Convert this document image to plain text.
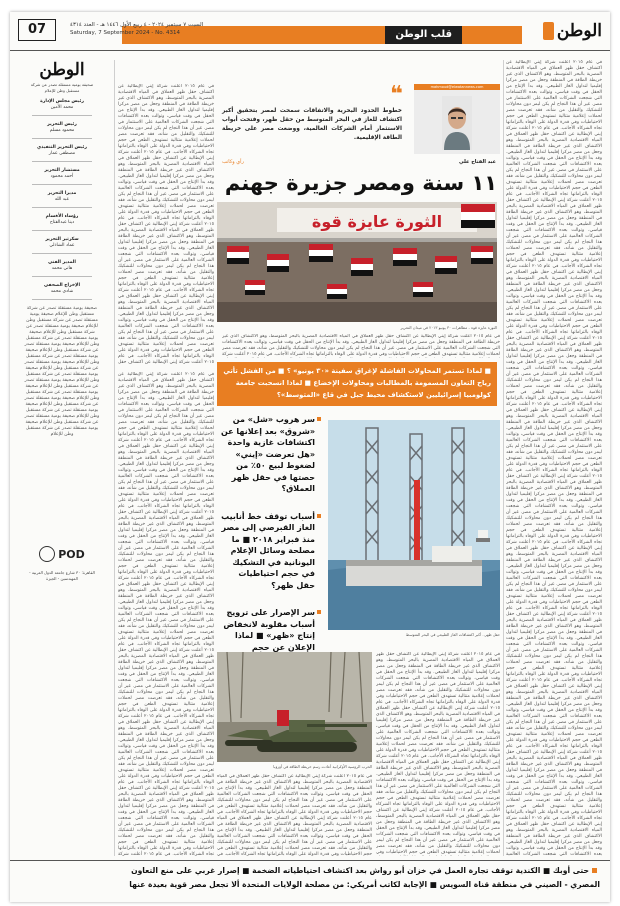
الوطن
قلب الوطن
السبت ٧ سبتمبر ٢٠٢٤ - ٤ ربيع الأول ١٤٤٦ هـ - العدد ٤٣١٤
Saturday, 7 September 2024 - No. 4314
07
في عام ٢٠١٥ أعلنت شركة إيني الإيطالية عن اكتشاف حقل ظهر العملاق في المياه الاقتصادية المصرية بالبحر المتوسط، وهو الاكتشاف الذي غير خريطة الطاقة في المنطقة وجعل من مصر مركزا إقليميا لتداول الغاز الطبيعي. وقد بدأ الإنتاج من الحقل في وقت قياسي، وتوالت بعده الاكتشافات التي شجعت الشركات العالمية على الاستثمار في مصر. غير أن هذا النجاح لم يكن ليمر دون محاولات للتشكيك والتقليل من شأنه، فقد تعرضت مصر لحملات إعلامية متتالية تستهدف الطعن في حجم الاحتياطيات وفي قدرة الدولة على الوفاء بالتزاماتها تجاه الشركاء الأجانب. في عام ٢٠١٥ أعلنت شركة إيني الإيطالية عن اكتشاف حقل ظهر العملاق في المياه الاقتصادية المصرية بالبحر المتوسط، وهو الاكتشاف الذي غير خريطة الطاقة في المنطقة وجعل من مصر مركزا إقليميا لتداول الغاز الطبيعي. وقد بدأ الإنتاج من الحقل في وقت قياسي، وتوالت بعده الاكتشافات التي شجعت الشركات العالمية على الاستثمار في مصر. غير أن هذا النجاح لم يكن ليمر دون محاولات للتشكيك والتقليل من شأنه، فقد تعرضت مصر لحملات إعلامية متتالية تستهدف الطعن في حجم الاحتياطيات وفي قدرة الدولة على الوفاء بالتزاماتها تجاه الشركاء الأجانب. في عام ٢٠١٥ أعلنت شركة إيني الإيطالية عن اكتشاف حقل ظهر العملاق في المياه الاقتصادية المصرية بالبحر المتوسط، وهو الاكتشاف الذي غير خريطة الطاقة في المنطقة وجعل من مصر مركزا إقليميا لتداول الغاز الطبيعي. وقد بدأ الإنتاج من الحقل في وقت قياسي، وتوالت بعده الاكتشافات التي شجعت الشركات العالمية على الاستثمار في مصر. غير أن هذا النجاح لم يكن ليمر دون محاولات للتشكيك والتقليل من شأنه، فقد تعرضت مصر لحملات إعلامية متتالية تستهدف الطعن في حجم الاحتياطيات وفي قدرة الدولة على الوفاء بالتزاماتها تجاه الشركاء الأجانب. في عام ٢٠١٥ أعلنت شركة إيني الإيطالية عن اكتشاف حقل ظهر العملاق في المياه الاقتصادية المصرية بالبحر المتوسط، وهو الاكتشاف الذي غير خريطة الطاقة في المنطقة وجعل من مصر مركزا إقليميا لتداول الغاز الطبيعي. وقد بدأ الإنتاج من الحقل في وقت قياسي، وتوالت بعده الاكتشافات التي شجعت الشركات العالمية على الاستثمار في مصر. غير أن هذا النجاح لم يكن ليمر دون محاولات للتشكيك والتقليل من شأنه، فقد تعرضت مصر لحملات إعلامية متتالية تستهدف الطعن في حجم الاحتياطيات وفي قدرة الدولة على الوفاء بالتزاماتها تجاه الشركاء الأجانب. في عام ٢٠١٥ أعلنت شركة إيني الإيطالية عن اكتشاف حقل ظهر العملاق في المياه الاقتصادية المصرية بالبحر المتوسط، وهو الاكتشاف الذي غير خريطة الطاقة في المنطقة وجعل من مصر مركزا إقليميا لتداول الغاز الطبيعي. وقد بدأ الإنتاج من الحقل في وقت قياسي، وتوالت بعده الاكتشافات التي شجعت الشركات العالمية على الاستثمار في مصر. غير أن هذا النجاح لم يكن ليمر دون محاولات للتشكيك والتقليل من شأنه، فقد تعرضت مصر لحملات إعلامية متتالية تستهدف الطعن في حجم الاحتياطيات وفي قدرة الدولة على الوفاء بالتزاماتها تجاه الشركاء الأجانب. في عام ٢٠١٥ أعلنت شركة إيني الإيطالية عن اكتشاف حقل ظهر العملاق في المياه الاقتصادية المصرية بالبحر المتوسط، وهو الاكتشاف الذي غير خريطة الطاقة في المنطقة وجعل من مصر مركزا إقليميا لتداول الغاز الطبيعي. وقد بدأ الإنتاج من الحقل في وقت قياسي، وتوالت بعده الاكتشافات التي شجعت الشركات العالمية على الاستثمار في مصر. غير أن هذا النجاح لم يكن ليمر دون محاولات للتشكيك والتقليل من شأنه، فقد تعرضت مصر لحملات إعلامية متتالية تستهدف الطعن في حجم الاحتياطيات وفي قدرة الدولة على الوفاء بالتزاماتها تجاه الشركاء الأجانب. في عام ٢٠١٥ أعلنت شركة إيني الإيطالية عن اكتشاف حقل ظهر العملاق في المياه الاقتصادية المصرية بالبحر المتوسط، وهو الاكتشاف الذي غير خريطة الطاقة في المنطقة وجعل من مصر مركزا إقليميا لتداول الغاز الطبيعي. وقد بدأ الإنتاج من الحقل في وقت قياسي، وتوالت بعده الاكتشافات التي شجعت الشركات العالمية على الاستثمار في مصر. غير أن هذا النجاح لم يكن ليمر دون محاولات للتشكيك والتقليل من شأنه، فقد تعرضت مصر لحملات إعلامية متتالية تستهدف الطعن في حجم الاحتياطيات وفي قدرة الدولة على الوفاء بالتزاماتها تجاه الشركاء الأجانب. في عام ٢٠١٥ أعلنت شركة إيني الإيطالية عن اكتشاف حقل ظهر العملاق في المياه الاقتصادية المصرية بالبحر المتوسط، وهو الاكتشاف الذي غير خريطة الطاقة في المنطقة وجعل من مصر مركزا إقليميا لتداول الغاز الطبيعي. وقد بدأ الإنتاج من الحقل في وقت قياسي، وتوالت بعده الاكتشافات التي شجعت الشركات العالمية على الاستثمار في مصر. غير أن هذا النجاح لم يكن ليمر دون محاولات للتشكيك والتقليل من شأنه، فقد تعرضت مصر لحملات إعلامية متتالية تستهدف الطعن في حجم الاحتياطيات وفي قدرة الدولة على الوفاء بالتزاماتها تجاه الشركاء الأجانب. في عام ٢٠١٥ أعلنت شركة إيني الإيطالية عن اكتشاف حقل ظهر العملاق في المياه الاقتصادية المصرية بالبحر المتوسط، وهو الاكتشاف الذي غير خريطة الطاقة في المنطقة وجعل من مصر مركزا إقليميا لتداول الغاز الطبيعي. وقد بدأ الإنتاج من الحقل في وقت قياسي، وتوالت بعده الاكتشافات التي شجعت الشركات العالمية على الاستثمار في مصر. غير أن هذا النجاح لم يكن ليمر دون محاولات للتشكيك والتقليل من شأنه، فقد تعرضت مصر لحملات إعلامية متتالية تستهدف الطعن في حجم الاحتياطيات وفي قدرة الدولة على الوفاء بالتزاماتها تجاه الشركاء الأجانب. في عام ٢٠١٥ أعلنت شركة إيني الإيطالية عن اكتشاف حقل ظهر العملاق في المياه الاقتصادية المصرية بالبحر المتوسط، وهو الاكتشاف الذي غير خريطة الطاقة في المنطقة وجعل من مصر مركزا إقليميا لتداول الغاز الطبيعي. وقد بدأ الإنتاج من الحقل في وقت قياسي، وتوالت بعده الاكتشافات التي شجعت الشركات العالمية على الاستثمار في مصر. غير أن هذا النجاح لم يكن ليمر دون محاولات للتشكيك والتقليل من شأنه، فقد تعرضت مصر لحملات إعلامية متتالية تستهدف الطعن في حجم الاحتياطيات وفي قدرة الدولة على الوفاء بالتزاماتها تجاه الشركاء الأجانب. في عام ٢٠١٥ أعلنت شركة إيني الإيطالية عن اكتشاف حقل ظهر العملاق في المياه الاقتصادية المصرية بالبحر المتوسط، وهو الاكتشاف الذي غير خريطة الطاقة في المنطقة وجعل من مصر مركزا إقليميا لتداول الغاز الطبيعي. وقد بدأ الإنتاج من الحقل في وقت قياسي، وتوالت بعده الاكتشافات التي شجعت الشركات العالمية على الاستثمار في مصر. غير أن هذا النجاح لم يكن ليمر دون محاولات للتشكيك والتقليل من شأنه، فقد تعرضت مصر لحملات إعلامية متتالية تستهدف الطعن في حجم الاحتياطيات وفي قدرة الدولة على الوفاء بالتزاماتها تجاه الشركاء الأجانب. في عام ٢٠١٥ أعلنت شركة إيني الإيطالية عن اكتشاف حقل ظهر العملاق في المياه الاقتصادية المصرية بالبحر المتوسط، وهو الاكتشاف الذي غير خريطة الطاقة في المنطقة وجعل من مصر مركزا إقليميا لتداول الغاز الطبيعي. وقد بدأ الإنتاج من الحقل في وقت قياسي، وتوالت بعده الاكتشافات التي شجعت الشركات العالمية
mahmoud@elwatannews.com
❝
خطوط الحدود البحرية والاتفاقات سمحت لمصر بتحقيق أكبر اكتشاف للغاز في البحر المتوسط من حقل ظهر، وفتحت أبواب الاستثمار أمام الشركات العالمية، ووضعت مصر على خريطة الطاقة الإقليمية.
عبد الفتاح علي
رأي وكاتب
١١ سنة ومصر جزيرة جهنم
الثورة عايزة قوة
الثورة عايزة قوة - مظاهرات ٣٠ يونيو ٢٠١٣ في ميدان التحرير
في عام ٢٠١٥ أعلنت شركة إيني الإيطالية عن اكتشاف حقل ظهر العملاق في المياه الاقتصادية المصرية بالبحر المتوسط، وهو الاكتشاف الذي غير خريطة الطاقة في المنطقة وجعل من مصر مركزا إقليميا لتداول الغاز الطبيعي. وقد بدأ الإنتاج من الحقل في وقت قياسي، وتوالت بعده الاكتشافات التي شجعت الشركات العالمية على الاستثمار في مصر. غير أن هذا النجاح لم يكن ليمر دون محاولات للتشكيك والتقليل من شأنه، فقد تعرضت مصر لحملات إعلامية متتالية تستهدف الطعن في حجم الاحتياطيات وفي قدرة الدولة على الوفاء بالتزاماتها تجاه الشركاء الأجانب. في عام ٢٠١٥ أعلنت شركة إيني الإيطالية عن اكتشاف حقل ظهر العملاق في المياه الاقتصادية المصرية بالبحر المتوسط، وهو الاكتشاف الذي غير خريطة الطاقة في المنطقة وجعل من مصر مركزا إقليميا لتداول الغاز الطبيعي. وقد بدأ الإنتاج من الحقل في وقت قياسي، وتوالت بعده الاكتشافات التي شجعت الشركات العالمية على الاستثمار في مصر. غير أن هذا النجاح لم يكن ليمر دون محاولات للتشكيك والتقليل من شأنه، فقد تعرضت مصر لحملات إعلامية متتالية تستهدف الطعن في حجم الاحتياطيات وفي قدرة الدولة على الوفاء بالتزاماتها تجاه الشركاء الأجانب. في عام ٢٠١٥ أعلنت شركة إيني الإيطالية عن اكتشاف حقل ظهر العملاق في المياه الاقتصادية المصرية بالبحر المتوسط، وهو الاكتشاف الذي غير خريطة الطاقة في المنطقة وجعل من مصر مركزا إقليميا لتداول الغاز الطبيعي. وقد بدأ الإنتاج من الحقل في وقت قياسي، وتوالت بعده الاكتشافات التي شجعت الشركات العالمية على الاستثمار في مصر. غير أن هذا النجاح لم يكن ليمر دون محاولات للتشكيك والتقليل من شأنه، فقد تعرضت مصر لحملات إعلامية متتالية تستهدف الطعن في حجم الاحتياطيات وفي قدرة الدولة على الوفاء بالتزاماتها تجاه الشركاء الأجانب. في عام ٢٠١٥ أعلنت شركة إيني الإيطالية عن اكتشاف حقل ظهر العملاق في المياه الاقتصادية المصرية بالبحر المتوسط، وهو الاكتشاف الذي غير خريطة الطاقة في المنطقة وجعل من مصر مركزا إقليميا لتداول الغاز الطبيعي. وقد بدأ الإنتاج من الحقل في وقت قياسي، وتوالت بعده الاكتشافات التي شجعت الشركات العالمية على الاستثمار في مصر. غير أن هذا النجاح لم يكن ليمر دون محاولات للتشكيك والتقليل من شأنه، فقد تعرضت مصر لحملات إعلامية متتالية تستهدف الطعن في حجم الاحتياطيات وفي قدرة الدولة على الوفاء بالتزاماتها تجاه الشركاء الأجانب. في عام ٢٠١٥ أعلنت شركة إيني الإيطالية عن اكتشاف حقل
في عام ٢٠١٥ أعلنت شركة إيني الإيطالية عن اكتشاف حقل ظهر العملاق في المياه الاقتصادية المصرية بالبحر المتوسط، وهو الاكتشاف الذي غير خريطة الطاقة في المنطقة وجعل من مصر مركزا إقليميا لتداول الغاز الطبيعي. وقد بدأ الإنتاج من الحقل في وقت قياسي، وتوالت بعده الاكتشافات التي شجعت الشركات العالمية على الاستثمار في مصر. غير أن هذا النجاح لم يكن ليمر دون محاولات للتشكيك والتقليل من شأنه، فقد تعرضت مصر لحملات إعلامية متتالية تستهدف الطعن في حجم الاحتياطيات وفي قدرة الدولة على الوفاء بالتزاماتها تجاه الشركاء الأجانب. في عام ٢٠١٥ أعلنت شركة
■ لماذا تستمر المحاولات الفاشلة لإغراق سفينة «٣٠ يونيو» ؟ ■ من الفشل تأتي رياح التعاون المسمومة بالمطالبات ومحاولات الإخضاع ■ لماذا انسحبت جامعة كولومبيا إسرائيليين لاستكشاف محيط جبل في قاع «المتوسط»؟
سر هروب «شل» من «شروق» بعد إعلانها عن اكتشافات غازية واحدة «هل تعرضت «إيني» لضغوط لبيع ٥٠٪ من حصتها في حقل ظهر العملاق؟
أسباب توقف خط أنابيب الغاز القبرصي إلى مصر منذ فبراير ٢٠١٨ ■ ما مصلحة وسائل الإعلام اليونانية في التشكيك في حجم احتياطيات حقل ظهر؟
سر الإصرار على ترويج أسباب مقلوبة لانخفاض إنتاج «ظهر» ■ لماذا الإعلان عن حجم
حقل ظهر.. أكبر اكتشافات الغاز الطبيعي في البحر المتوسط
الحرب الروسية الأوكرانية أعادت رسم خريطة الطاقة في أوروبا
في عام ٢٠١٥ أعلنت شركة إيني الإيطالية عن اكتشاف حقل ظهر العملاق في المياه الاقتصادية المصرية بالبحر المتوسط، وهو الاكتشاف الذي غير خريطة الطاقة في المنطقة وجعل من مصر مركزا إقليميا لتداول الغاز الطبيعي. وقد بدأ الإنتاج من الحقل في وقت قياسي، وتوالت بعده الاكتشافات التي شجعت الشركات العالمية على الاستثمار في مصر. غير أن هذا النجاح لم يكن ليمر دون محاولات للتشكيك والتقليل من شأنه، فقد تعرضت مصر لحملات إعلامية متتالية تستهدف الطعن في حجم الاحتياطيات وفي قدرة الدولة على الوفاء بالتزاماتها تجاه الشركاء الأجانب. في عام ٢٠١٥ أعلنت شركة إيني الإيطالية عن اكتشاف حقل ظهر العملاق في المياه الاقتصادية المصرية بالبحر المتوسط، وهو الاكتشاف الذي غير خريطة الطاقة في المنطقة وجعل من مصر مركزا إقليميا لتداول الغاز الطبيعي. وقد بدأ الإنتاج من الحقل في وقت قياسي، وتوالت بعده الاكتشافات التي شجعت الشركات العالمية على الاستثمار في مصر. غير أن هذا النجاح لم يكن ليمر دون محاولات للتشكيك والتقليل من شأنه، فقد تعرضت مصر لحملات إعلامية متتالية تستهدف الطعن في حجم الاحتياطيات وفي قدرة الدولة على الوفاء بالتزاماتها تجاه الشركاء الأجانب. في عام ٢٠١٥ أعلنت شركة إيني الإيطالية عن اكتشاف حقل ظهر العملاق في المياه الاقتصادية المصرية بالبحر المتوسط، وهو الاكتشاف الذي غير خريطة الطاقة في المنطقة وجعل من مصر مركزا إقليميا لتداول الغاز الطبيعي. وقد بدأ الإنتاج من الحقل في وقت قياسي، وتوالت بعده الاكتشافات التي شجعت الشركات العالمية على الاستثمار في مصر. غير أن هذا النجاح لم يكن ليمر دون محاولات للتشكيك والتقليل من شأنه، فقد تعرضت مصر لحملات إعلامية متتالية تستهدف الطعن في حجم الاحتياطيات وفي قدرة الدولة على الوفاء بالتزاماتها تجاه الشركاء الأجانب. في عام ٢٠١٥ أعلنت شركة إيني الإيطالية عن اكتشاف حقل ظهر العملاق في المياه الاقتصادية المصرية بالبحر المتوسط، وهو الاكتشاف الذي غير خريطة الطاقة في المنطقة وجعل من مصر مركزا إقليميا لتداول الغاز الطبيعي. وقد بدأ الإنتاج من الحقل في وقت قياسي، وتوالت بعده الاكتشافات التي شجعت الشركات العالمية على الاستثمار في مصر. غير أن هذا النجاح لم يكن ليمر دون محاولات للتشكيك والتقليل من شأنه، فقد تعرضت مصر لحملات إعلامية متتالية تستهدف الطعن في حجم الاحتياطيات وفي قدرة الدولة على الوفاء بالتزاماتها تجاه الشركاء الأجانب. في عام ٢٠١٥ أعلنت شركة إيني الإيطالية عن اكتشاف حقل ظهر العملاق في المياه الاقتصادية المصرية بالبحر المتوسط، وهو الاكتشاف الذي غير خريطة الطاقة في المنطقة وجعل من مصر مركزا إقليميا لتداول الغاز الطبيعي. وقد بدأ الإنتاج من الحقل في وقت قياسي، وتوالت بعده الاكتشافات التي شجعت الشركات العالمية على الاستثمار في مصر. غير أن هذا النجاح لم يكن ليمر دون محاولات للتشكيك والتقليل من شأنه، فقد تعرضت مصر لحملات إعلامية متتالية تستهدف الطعن في حجم الاحتياطيات وفي قدرة الدولة على الوفاء بالتزاماتها تجاه الشركاء الأجانب. في عام ٢٠١٥ أعلنت شركة إيني الإيطالية عن اكتشاف حقل ظهر العملاق في المياه الاقتصادية المصرية بالبحر المتوسط، وهو الاكتشاف الذي غير خريطة الطاقة في المنطقة وجعل من مصر مركزا إقليميا لتداول الغاز الطبيعي. وقد بدأ الإنتاج من الحقل في وقت قياسي، وتوالت بعده الاكتشافات التي شجعت الشركات العالمية على الاستثمار في مصر. غير أن هذا النجاح لم يكن ليمر دون محاولات للتشكيك والتقليل من شأنه، فقد تعرضت مصر لحملات إعلامية متتالية تستهدف الطعن في حجم الاحتياطيات وفي قدرة الدولة على الوفاء بالتزاماتها تجاه الشركاء الأجانب. في عام ٢٠١٥ أعلنت شركة إيني الإيطالية عن اكتشاف حقل ظهر العملاق في المياه الاقتصادية المصرية بالبحر المتوسط، وهو الاكتشاف الذي غير خريطة الطاقة في المنطقة وجعل من مصر مركزا إقليميا لتداول الغاز الطبيعي. وقد بدأ الإنتاج من الحقل في وقت قياسي، وتوالت بعده الاكتشافات التي شجعت الشركات العالمية على الاستثمار في مصر. غير أن هذا النجاح لم يكن ليمر دون محاولات للتشكيك والتقليل من شأنه، فقد تعرضت مصر لحملات إعلامية متتالية تستهدف الطعن في حجم الاحتياطيات وفي قدرة الدولة على الوفاء بالتزاماتها تجاه الشركاء الأجانب. في عام ٢٠١٥ أعلنت شركة
في عام ٢٠١٥ أعلنت شركة إيني الإيطالية عن اكتشاف حقل ظهر العملاق في المياه الاقتصادية المصرية بالبحر المتوسط، وهو الاكتشاف الذي غير خريطة الطاقة في المنطقة وجعل من مصر مركزا إقليميا لتداول الغاز الطبيعي. وقد بدأ الإنتاج من الحقل في وقت قياسي، وتوالت بعده الاكتشافات التي شجعت الشركات العالمية على الاستثمار في مصر. غير أن هذا النجاح لم يكن ليمر دون محاولات للتشكيك والتقليل من شأنه، فقد تعرضت مصر لحملات إعلامية متتالية تستهدف الطعن في حجم الاحتياطيات وفي قدرة الدولة على الوفاء بالتزاماتها تجاه الشركاء الأجانب. في عام ٢٠١٥ أعلنت شركة إيني الإيطالية عن اكتشاف حقل ظهر العملاق في المياه الاقتصادية المصرية بالبحر المتوسط، وهو الاكتشاف الذي غير خريطة الطاقة في المنطقة وجعل من مصر مركزا إقليميا لتداول الغاز الطبيعي. وقد بدأ الإنتاج من الحقل في وقت قياسي، وتوالت بعده الاكتشافات التي شجعت الشركات العالمية على الاستثمار في مصر. غير أن هذا النجاح لم يكن ليمر دون محاولات للتشكيك والتقليل من شأنه، فقد تعرضت مصر لحملات إعلامية متتالية تستهدف الطعن في حجم الاحتياطيات وفي قدرة الدولة على الوفاء بالتزاماتها تجاه الشركاء الأجانب. في عام ٢٠١٥ أعلنت شركة إيني الإيطالية عن اكتشاف حقل ظهر العملاق في المياه الاقتصادية المصرية بالبحر المتوسط، وهو الاكتشاف الذي غير خريطة الطاقة في المنطقة وجعل من مصر مركزا إقليميا لتداول الغاز الطبيعي. وقد بدأ الإنتاج من الحقل في وقت قياسي، وتوالت بعده الاكتشافات التي شجعت الشركات العالمية على الاستثمار في مصر. غير أن هذا النجاح لم يكن ليمر دون محاولات للتشكيك والتقليل من شأنه، فقد تعرضت مصر لحملات إعلامية متتالية تستهدف الطعن في حجم الاحتياطيات وفي قدرة الدولة على الوفاء بالتزاماتها تجاه الشركاء الأجانب. في عام ٢٠١٥ أعلنت شركة إيني الإيطالية عن اكتشاف حقل ظهر العملاق في المياه الاقتصادية المصرية بالبحر المتوسط، وهو الاكتشاف الذي غير خريطة الطاقة في المنطقة وجعل من مصر مركزا إقليميا لتداول الغاز الطبيعي. وقد بدأ الإنتاج من الحقل في وقت قياسي، وتوالت بعده الاكتشافات التي شجعت الشركات العالمية على الاستثمار في مصر. غير أن هذا النجاح لم يكن ليمر دون محاولات للتشكيك والتقليل من شأنه، فقد تعرضت مصر لحملات إعلامية متتالية تستهدف الطعن في حجم الاحتياطيات وفي
في عام ٢٠١٥ أعلنت شركة إيني الإيطالية عن اكتشاف حقل ظهر العملاق في المياه الاقتصادية المصرية بالبحر المتوسط، وهو الاكتشاف الذي غير خريطة الطاقة في المنطقة وجعل من مصر مركزا إقليميا لتداول الغاز الطبيعي. وقد بدأ الإنتاج من الحقل في وقت قياسي، وتوالت بعده الاكتشافات التي شجعت الشركات العالمية على الاستثمار في مصر. غير أن هذا النجاح لم يكن ليمر دون محاولات للتشكيك والتقليل من شأنه، فقد تعرضت مصر لحملات إعلامية متتالية تستهدف الطعن في حجم الاحتياطيات وفي قدرة الدولة على الوفاء بالتزاماتها تجاه الشركاء الأجانب. في عام ٢٠١٥ أعلنت شركة إيني الإيطالية عن اكتشاف حقل ظهر العملاق في المياه الاقتصادية المصرية بالبحر المتوسط، وهو الاكتشاف الذي غير خريطة الطاقة في المنطقة وجعل من مصر مركزا إقليميا لتداول الغاز الطبيعي. وقد بدأ الإنتاج من الحقل في وقت قياسي، وتوالت بعده الاكتشافات التي شجعت الشركات العالمية على الاستثمار في مصر. غير أن هذا النجاح لم يكن ليمر دون محاولات للتشكيك والتقليل من شأنه، فقد تعرضت مصر لحملات إعلامية متتالية تستهدف الطعن في حجم الاحتياطيات وفي قدرة الدولة على الوفاء بالتزاماتها تجاه الشركاء الأجانب. في
الوطن
صحيفة يومية مستقلة تصدر عن شركة مستقبل وطن للإعلام
رئيس مجلس الإدارة
محمد الأمين
رئيس التحرير
محمود مسلم
رئيس التحرير التنفيذي
مصطفى عمار
مستشار التحرير
أحمد محمود
مديرا التحرير
عبد الله
رؤساء الأقسام
دينا عبدالفتاح
سكرتير التحرير
عماد الشاذلي
المدير الفني
هاني محمد
الإخراج الصحفي
شادي محمد
صحيفة يومية مستقلة تصدر عن شركة مستقبل وطن للإعلام صحيفة يومية مستقلة تصدر عن شركة مستقبل وطن للإعلام صحيفة يومية مستقلة تصدر عن شركة مستقبل وطن للإعلام صحيفة يومية مستقلة تصدر عن شركة مستقبل وطن للإعلام صحيفة يومية مستقلة تصدر عن شركة مستقبل وطن للإعلام صحيفة يومية مستقلة تصدر عن شركة مستقبل وطن للإعلام صحيفة يومية مستقلة تصدر عن شركة مستقبل وطن للإعلام صحيفة يومية مستقلة تصدر عن شركة مستقبل وطن للإعلام صحيفة يومية مستقلة تصدر عن شركة مستقبل وطن للإعلام صحيفة يومية مستقلة تصدر عن شركة مستقبل وطن للإعلام صحيفة يومية مستقلة تصدر عن شركة مستقبل وطن للإعلام صحيفة يومية مستقلة تصدر عن شركة مستقبل وطن للإعلام صحيفة يومية مستقلة تصدر عن شركة مستقبل وطن للإعلام صحيفة يومية مستقلة تصدر عن شركة مستقبل وطن للإعلام
POD
القاهرة: ٣٠ شارع جامعة الدول العربية - المهندسين - الجيزة
حتى أوبك ■ الكندية توقف تجارة العمل في خزان أبو رواش بعد اكتشاف احتياطياته الضخمة ■ إصرار غربي على منع التعاون
المصري - الصيني في منطقة قناة السويس ■ الإجابة لكاتب أمريكي: من مصلحة الولايات المتحدة ألا تجعل مصر قوية بعيدة عنها
